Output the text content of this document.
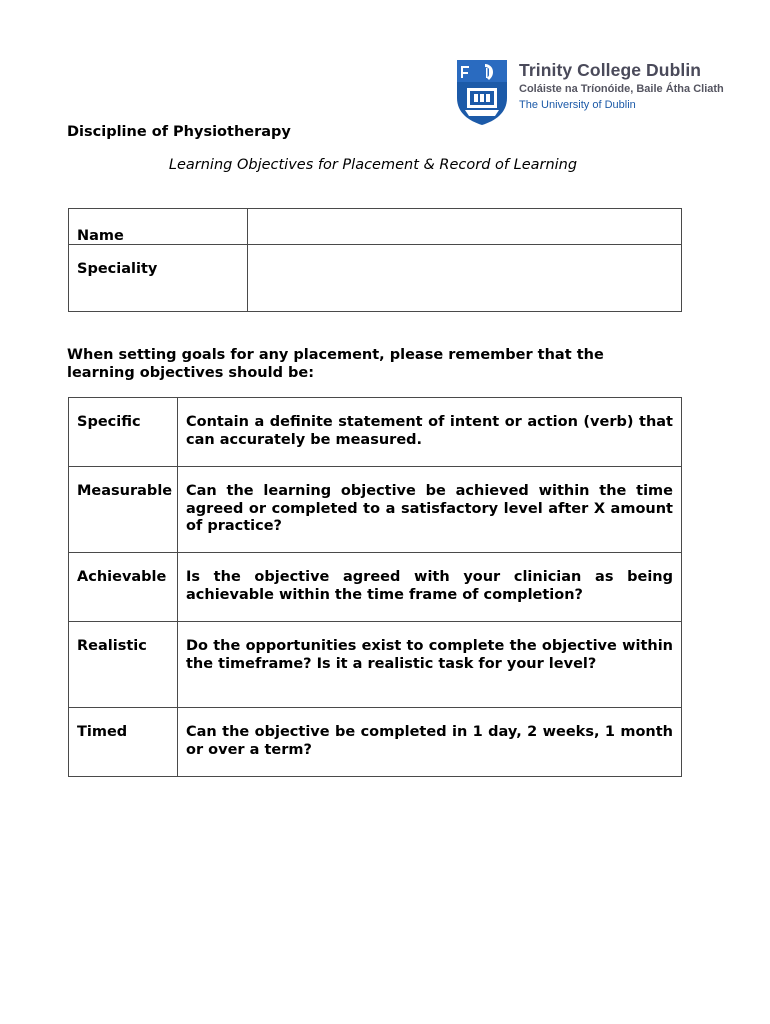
Trinity College Dublin
Coláiste na Tríonóide, Baile Átha Cliath
The University of Dublin
Discipline of Physiotherapy
Learning Objectives for Placement & Record of Learning
Name	
Speciality	
When setting goals for any placement, please remember that the learning objectives should be:
Specific	Contain a definite statement of intent or action (verb) that can accurately be measured.
Measurable	Can the learning objective be achieved within the time agreed or completed to a satisfactory level after X amount of practice?
Achievable	Is the objective agreed with your clinician as being achievable within the time frame of completion?
Realistic	Do the opportunities exist to complete the objective within the timeframe? Is it a realistic task for your level?
Timed	Can the objective be completed in 1 day, 2 weeks, 1 month or over a term?
